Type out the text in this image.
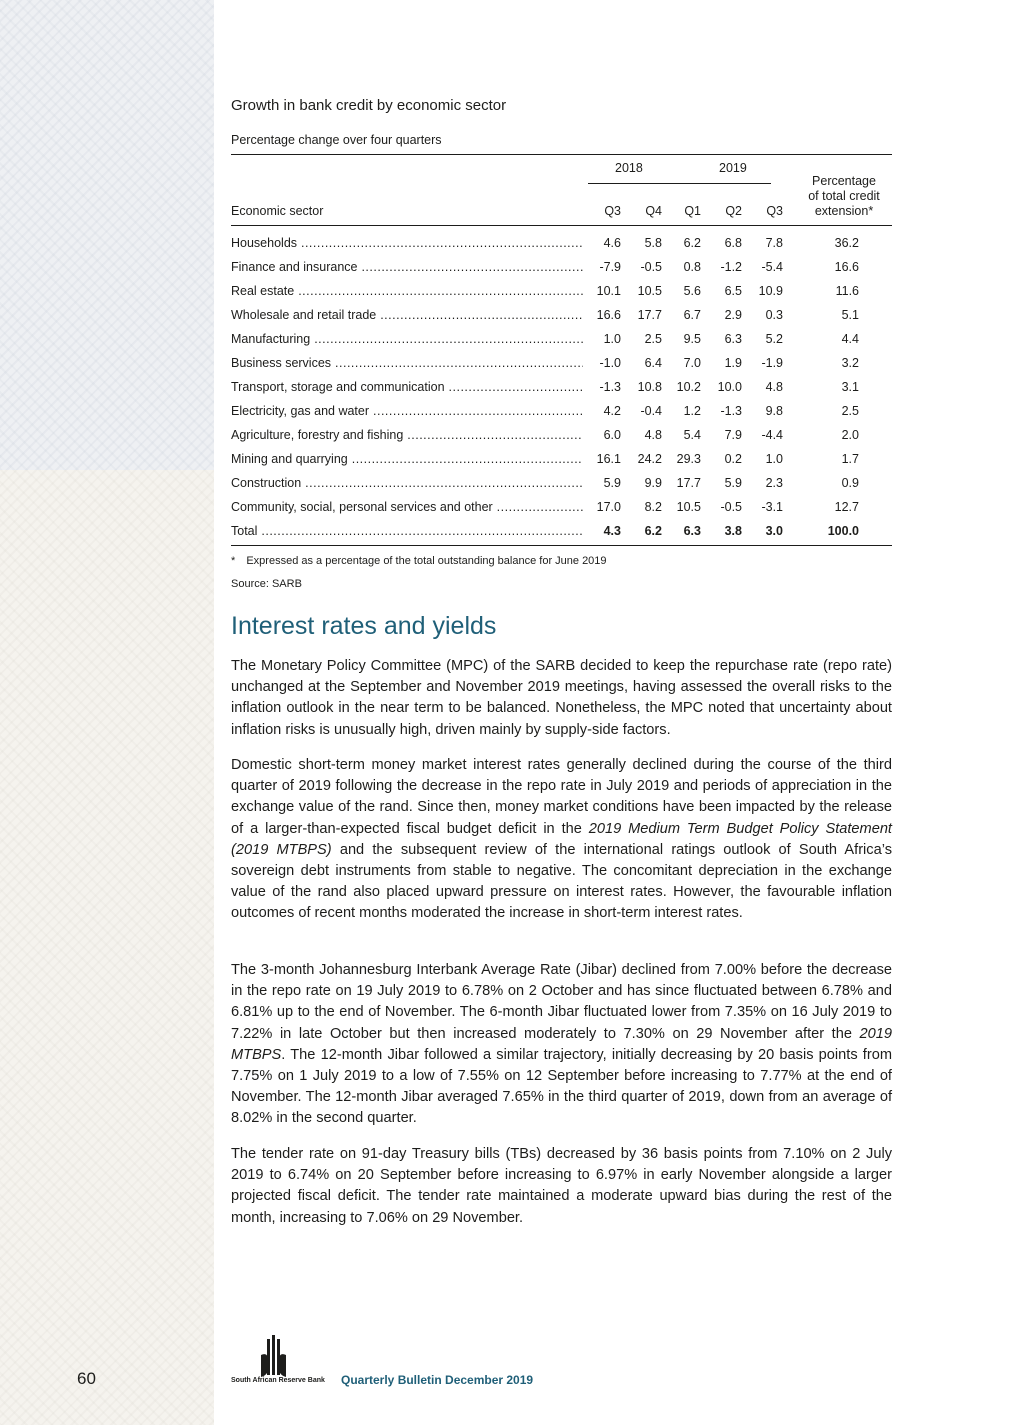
Growth in bank credit by economic sector
Percentage change over four quarters
2018	2019
Percentage
of total credit
extension*
Economic sector	Q3	Q4	Q1	Q2	Q3
Households .....	4.6	5.8	6.2	6.8	7.8	36.2
Finance and insurance .....	-7.9	-0.5	0.8	-1.2	-5.4	16.6
Real estate .....	10.1	10.5	5.6	6.5	10.9	11.6
Wholesale and retail trade .....	16.6	17.7	6.7	2.9	0.3	5.1
Manufacturing .....	1.0	2.5	9.5	6.3	5.2	4.4
Business services .....	-1.0	6.4	7.0	1.9	-1.9	3.2
Transport, storage and communication .....	-1.3	10.8	10.2	10.0	4.8	3.1
Electricity, gas and water .....	4.2	-0.4	1.2	-1.3	9.8	2.5
Agriculture, forestry and fishing .....	6.0	4.8	5.4	7.9	-4.4	2.0
Mining and quarrying .....	16.1	24.2	29.3	0.2	1.0	1.7
Construction .....	5.9	9.9	17.7	5.9	2.3	0.9
Community, social, personal services and other .....	17.0	8.2	10.5	-0.5	-3.1	12.7
Total .....	4.3	6.2	6.3	3.8	3.0	100.0
* Expressed as a percentage of the total outstanding balance for June 2019
Source: SARB
Interest rates and yields

The Monetary Policy Committee (MPC) of the SARB decided to keep the repurchase rate (repo rate) unchanged at the September and November 2019 meetings, having assessed the overall risks to the inflation outlook in the near term to be balanced. Nonetheless, the MPC noted that uncertainty about inflation risks is unusually high, driven mainly by supply-side factors.

Domestic short-term money market interest rates generally declined during the course of the third quarter of 2019 following the decrease in the repo rate in July 2019 and periods of appreciation in the exchange value of the rand. Since then, money market conditions have been impacted by the release of a larger-than-expected fiscal budget deficit in the 2019 Medium Term Budget Policy Statement (2019 MTBPS) and the subsequent review of the international ratings outlook of South Africa’s sovereign debt instruments from stable to negative. The concomitant depreciation in the exchange value of the rand also placed upward pressure on interest rates. However, the favourable inflation outcomes of recent months moderated the increase in short-term interest rates.

The 3-month Johannesburg Interbank Average Rate (Jibar) declined from 7.00% before the decrease in the repo rate on 19 July 2019 to 6.78% on 2 October and has since fluctuated between 6.78% and 6.81% up to the end of November. The 6-month Jibar fluctuated lower from 7.35% on 16 July 2019 to 7.22% in late October but then increased moderately to 7.30% on 29 November after the 2019 MTBPS. The 12-month Jibar followed a similar trajectory, initially decreasing by 20 basis points from 7.75% on 1 July 2019 to a low of 7.55% on 12 September before increasing to 7.77% at the end of November. The 12-month Jibar averaged 7.65% in the third quarter of 2019, down from an average of 8.02% in the second quarter.

The tender rate on 91-day Treasury bills (TBs) decreased by 36 basis points from 7.10% on 2 July 2019 to 6.74% on 20 September before increasing to 6.97% in early November alongside a larger projected fiscal deficit. The tender rate maintained a moderate upward bias during the rest of the month, increasing to 7.06% on 29 November.

60	South African Reserve Bank Quarterly Bulletin December 2019
